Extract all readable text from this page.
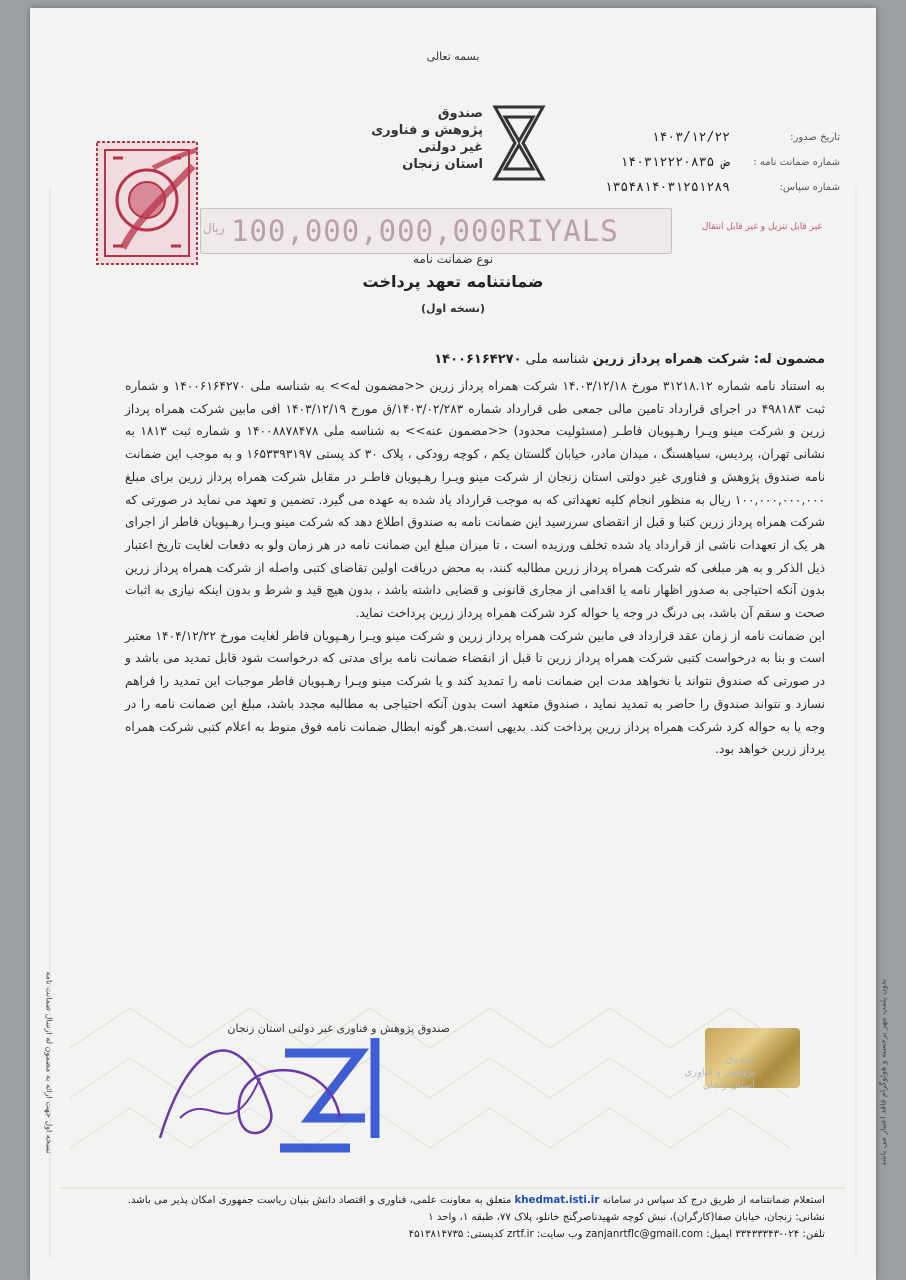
بسمه تعالی
صندوق
پژوهش و فناوری
غیر دولتی
استان زنجان
تاریخ صدور:
شماره ضمانت نامه :
شماره سپاس:
۱۴۰۳/۱۲/۲۲
ض ۱۴۰۳۱۲۲۲۰۸۳۵
۱۳۵۴۸۱۴۰۳۱۲۵۱۲۸۹
100,000,000,000RIYALS
ریال	غیر قابل تنزیل و غیر قابل انتقال
نوع ضمانت نامه
ضمانتنامه تعهد پرداخت
(نسخه اول)
مضمون له: شرکت همراه پرداز زرین شناسه ملی ۱۴۰۰۶۱۶۴۲۷۰

به استناد نامه شماره ۳۱۲۱۸.۱۲ مورخ ۱۴.۰۳/۱۲/۱۸ شرکت همراه پرداز زرین <<مضمون له>> به شناسه ملی ۱۴۰۰۶۱۶۴۲۷۰ و شماره ثبت ۴۹۸۱۸۳ در اجرای قرارداد تامین مالی جمعی طی قرارداد شماره ۱۴۰۳/۰۲/۲۸۳/ق مورخ ۱۴۰۳/۱۲/۱۹ افی مابین شرکت همراه پرداز زرین و شرکت مینو ویـرا رهـپویان فاطـر (مسئولیت محدود) <<مضمون عنه>> به شناسه ملی ۱۴۰۰۸۸۷۸۴۷۸ و شماره ثبت ۱۸۱۳ به نشانی تهران، پردیس، سیاهسنگ ، میدان مادر، خیابان گلستان یکم ، کوچه رودکی ، پلاک ۳۰ کد پستی ۱۶۵۳۳۹۳۱۹۷ و به موجب این ضمانت نامه صندوق پژوهش و فناوری غیر دولتی استان زنجان از شرکت مینو ویـرا رهـپویان فاطـر در مقابل شرکت همراه پرداز زرین برای مبلغ ۱۰۰,۰۰۰,۰۰۰,۰۰۰ ریال به منظور انجام کلیه تعهداتی که به موجب قرارداد یاد شده به عهده می گیرد. تضمین و تعهد می نماید در صورتی که شرکت همراه پرداز زرین کتبا و قبل از انقضای سررسید این ضمانت نامه به صندوق اطلاع دهد که شرکت مینو ویـرا رهـپویان فاطر از اجرای هر یک از تعهدات ناشی از قرارداد یاد شده تخلف ورزیده است ، تا میزان مبلغ این ضمانت نامه در هر زمان ولو به دفعات لغایت تاریخ اعتبار ذیل الذکر و به هر مبلغی که شرکت همراه پرداز زرین مطالبه کنند، به محض دریافت اولین تقاضای کتبی واصله از شرکت همراه پرداز زرین بدون آنکه احتیاجی به صدور اظهار نامه یا اقدامی از مجاری قانونی و قضایی داشته باشد ، بدون هیچ قید و شرط و بدون اینکه نیازی به اثبات صحت و سقم آن باشد، بی درنگ در وجه یا حواله کرد شرکت همراه پرداز زرین پرداخت نماید.

این ضمانت نامه از زمان عقد قرارداد فی مابین شرکت همراه پرداز زرین و شرکت مینو ویـرا رهـپویان فاطر لغایت مورخ ۱۴۰۴/۱۲/۲۲ معتبر است و بنا به درخواست کتبی شرکت همراه پرداز زرین تا قبل از انقضاء ضمانت نامه برای مدتی که درخواست شود قابل تمدید می باشد و در صورتی که صندوق نتواند یا نخواهد مدت این ضمانت نامه را تمدید کند و یا شرکت مینو ویـرا رهـپویان فاطر موجبات این تمدید را فراهم نسازد و نتواند صندوق را حاضر به تمدید نماید ، صندوق متعهد است بدون آنکه احتیاجی به مطالبه مجدد باشد، مبلغ این ضمانت نامه را در وجه یا به حواله کرد شرکت همراه پرداز زرین پرداخت کند. بدیهی است.هر گونه ابطال ضمانت نامه فوق منوط به اعلام کتبی شرکت همراه پرداز زرین خواهد بود.

صندوق پژوهش و فناوری غیر دولتی استان زنجان
صندوق
پژوهش و فناوری
استان زنجان
استعلام ضمانتنامه از طریق درج کد سپاس در سامانه khedmat.isti.ir متعلق به معاونت علمی، فناوری و اقتصاد دانش بنیان ریاست جمهوری امکان پذیر می باشد.
نشانی: زنجان، خیابان صفا(کارگران)، نبش کوچه شهیدناصرگنج خانلو، پلاک ۷۷، طبقه ۱، واحد ۱
تلفن: ۰۲۴-۳۳۴۳۳۳۴۳ ایمیل: zanjanrtflc@gmail.com وب سایت: zrtf.ir کدپستی: ۴۵۱۳۸۱۴۷۳۵
نسخه اول جهت ارائه به مضمون له ارسال ضمانت نامه	بدون پلمپ مهر برجسته و هولوگرام فاقد اعتبار می باشد
